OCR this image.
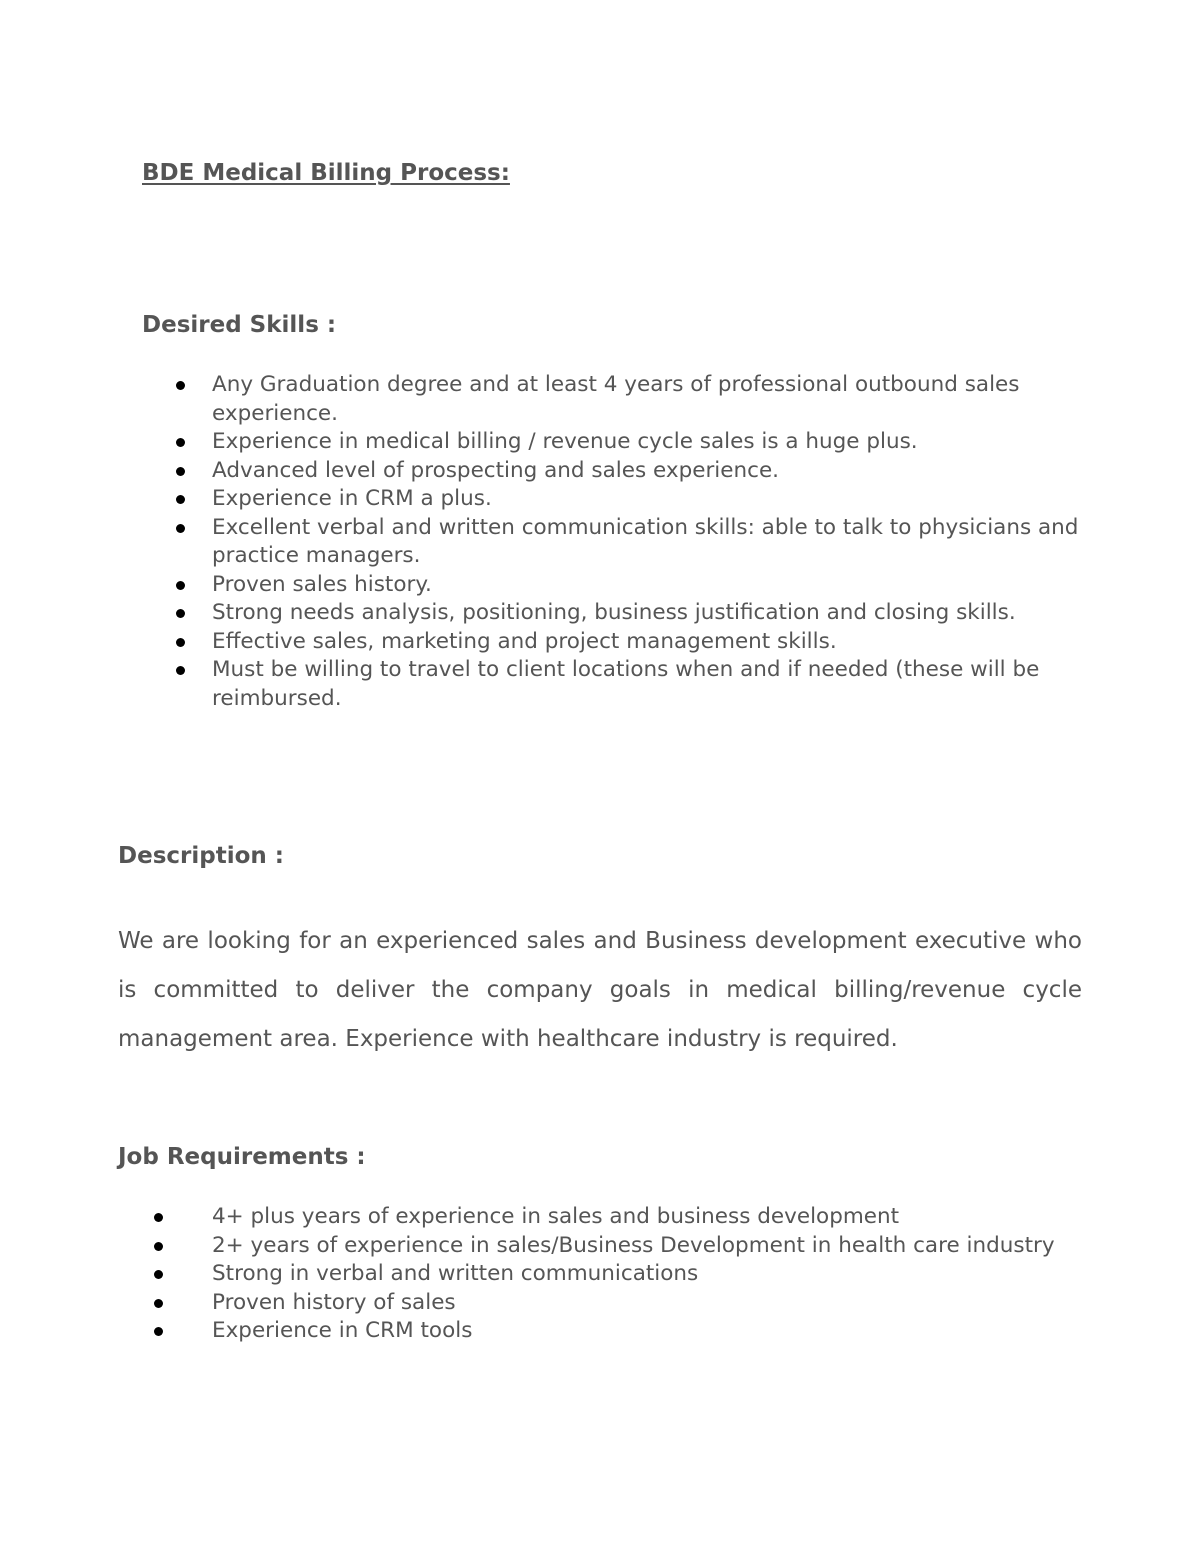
BDE Medical Billing Process:
Desired Skills :
Any Graduation degree and at least 4 years of professional outbound sales experience.
Experience in medical billing / revenue cycle sales is a huge plus.
Advanced level of prospecting and sales experience.
Experience in CRM a plus.
Excellent verbal and written communication skills: able to talk to physicians and practice managers.
Proven sales history.
Strong needs analysis, positioning, business justification and closing skills.
Effective sales, marketing and project management skills.
Must be willing to travel to client locations when and if needed (these will be reimbursed.
Description :

We are looking for an experienced sales and Business development executive who is committed to deliver the company goals in medical billing/revenue cycle management area. Experience with healthcare industry is required.

Job Requirements :
4+ plus years of experience in sales and business development
2+ years of experience in sales/Business Development in health care industry
Strong in verbal and written communications
Proven history of sales
Experience in CRM tools
